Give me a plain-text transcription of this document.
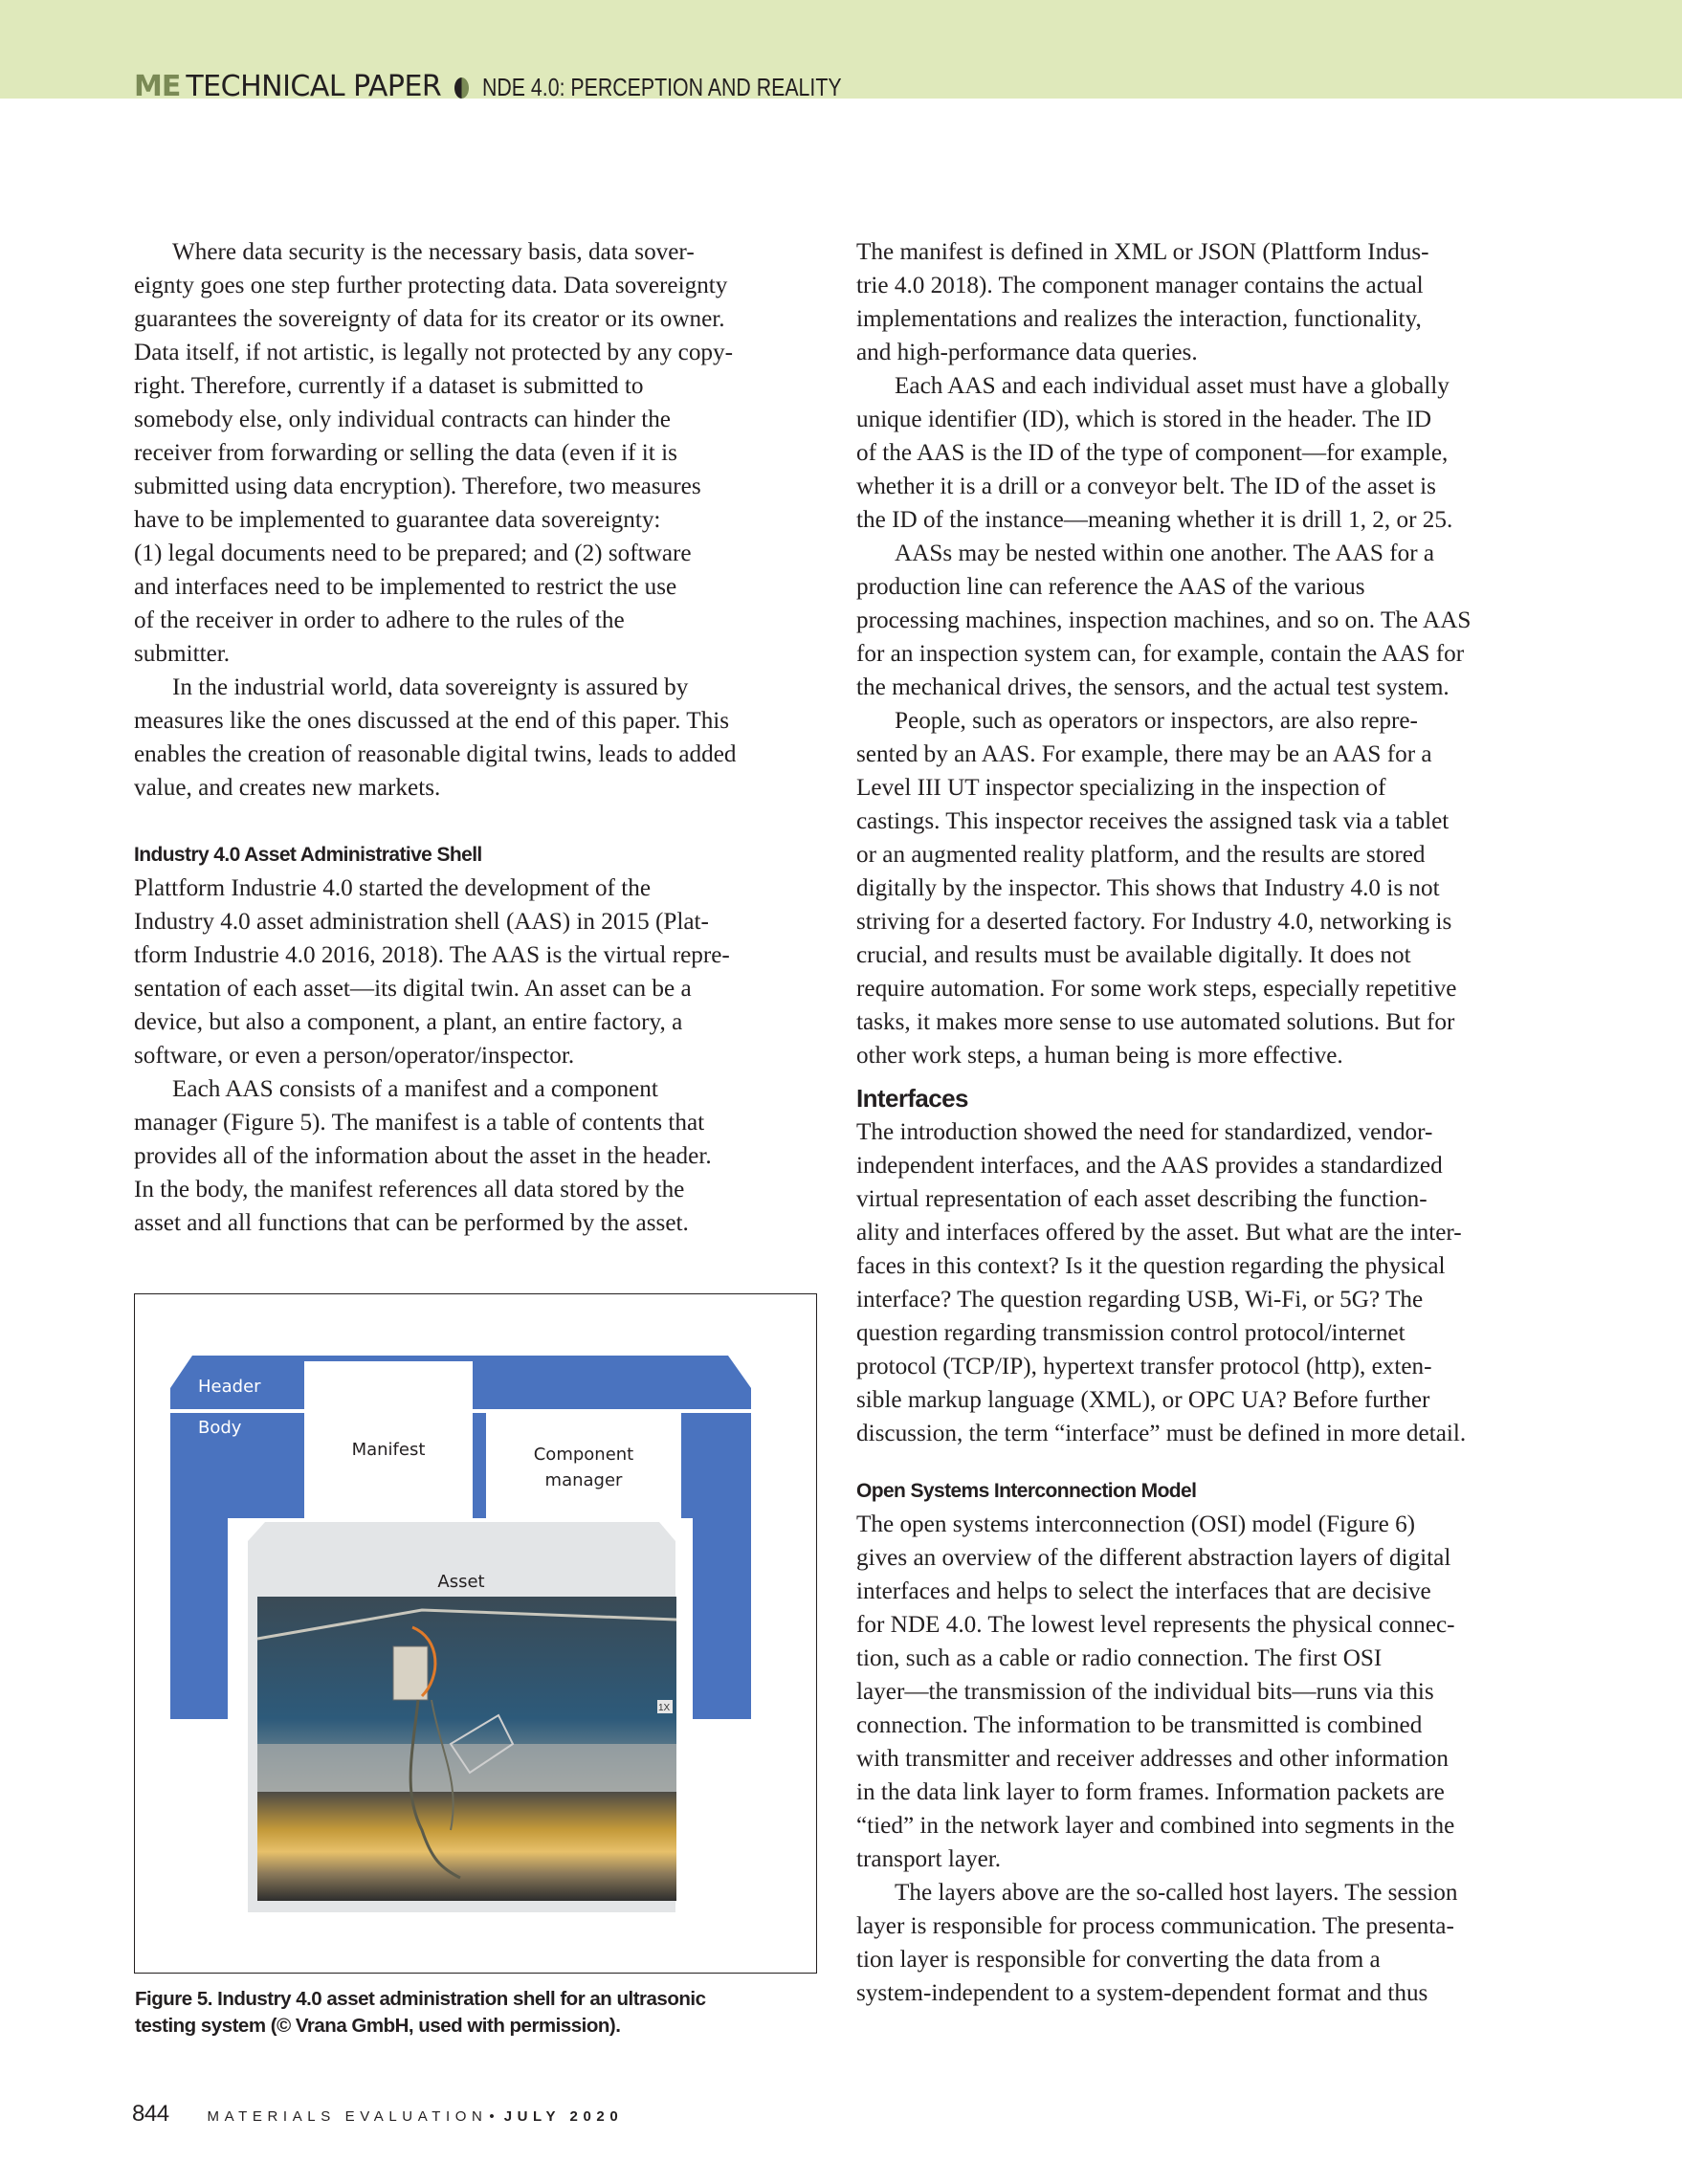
ME TECHNICAL PAPER NDE 4.0: PERCEPTION AND REALITY
Where data security is the necessary basis, data sover-
eignty goes one step further protecting data. Data sovereignty
guarantees the sovereignty of data for its creator or its owner.
Data itself, if not artistic, is legally not protected by any copy-
right. Therefore, currently if a dataset is submitted to
somebody else, only individual contracts can hinder the
receiver from forwarding or selling the data (even if it is
submitted using data encryption). Therefore, two measures
have to be implemented to guarantee data sovereignty:
(1) legal documents need to be prepared; and (2) software
and interfaces need to be implemented to restrict the use
of the receiver in order to adhere to the rules of the
submitter.
In the industrial world, data sovereignty is assured by
measures like the ones discussed at the end of this paper. This
enables the creation of reasonable digital twins, leads to added
value, and creates new markets.
Industry 4.0 Asset Administrative Shell
Plattform Industrie 4.0 started the development of the
Industry 4.0 asset administration shell (AAS) in 2015 (Plat-
tform Industrie 4.0 2016, 2018). The AAS is the virtual repre-
sentation of each asset—its digital twin. An asset can be a
device, but also a component, a plant, an entire factory, a
software, or even a person/operator/inspector.
Each AAS consists of a manifest and a component
manager (Figure 5). The manifest is a table of contents that
provides all of the information about the asset in the header.
In the body, the manifest references all data stored by the
asset and all functions that can be performed by the asset.
1X
Header
Body
Manifest	Component
manager
Asset
Figure 5. Industry 4.0 asset administration shell for an ultrasonic
testing system (© Vrana GmbH, used with permission).
The manifest is defined in XML or JSON (Plattform Indus-
trie 4.0 2018). The component manager contains the actual
implementations and realizes the interaction, functionality,
and high-performance data queries.
Each AAS and each individual asset must have a globally
unique identifier (ID), which is stored in the header. The ID
of the AAS is the ID of the type of component—for example,
whether it is a drill or a conveyor belt. The ID of the asset is
the ID of the instance—meaning whether it is drill 1, 2, or 25.
AASs may be nested within one another. The AAS for a
production line can reference the AAS of the various
processing machines, inspection machines, and so on. The AAS
for an inspection system can, for example, contain the AAS for
the mechanical drives, the sensors, and the actual test system.
People, such as operators or inspectors, are also repre-
sented by an AAS. For example, there may be an AAS for a
Level III UT inspector specializing in the inspection of
castings. This inspector receives the assigned task via a tablet
or an augmented reality platform, and the results are stored
digitally by the inspector. This shows that Industry 4.0 is not
striving for a deserted factory. For Industry 4.0, networking is
crucial, and results must be available digitally. It does not
require automation. For some work steps, especially repetitive
tasks, it makes more sense to use automated solutions. But for
other work steps, a human being is more effective.
Interfaces
The introduction showed the need for standardized, vendor-
independent interfaces, and the AAS provides a standardized
virtual representation of each asset describing the function-
ality and interfaces offered by the asset. But what are the inter-
faces in this context? Is it the question regarding the physical
interface? The question regarding USB, Wi-Fi, or 5G? The
question regarding transmission control protocol/internet
protocol (TCP/IP), hypertext transfer protocol (http), exten-
sible markup language (XML), or OPC UA? Before further
discussion, the term “interface” must be defined in more detail.
Open Systems Interconnection Model
The open systems interconnection (OSI) model (Figure 6)
gives an overview of the different abstraction layers of digital
interfaces and helps to select the interfaces that are decisive
for NDE 4.0. The lowest level represents the physical connec-
tion, such as a cable or radio connection. The first OSI
layer—the transmission of the individual bits—runs via this
connection. The information to be transmitted is combined
with transmitter and receiver addresses and other information
in the data link layer to form frames. Information packets are
“tied” in the network layer and combined into segments in the
transport layer.
The layers above are the so-called host layers. The session
layer is responsible for process communication. The presenta-
tion layer is responsible for converting the data from a
system-independent to a system-dependent format and thus
844	MATERIALS EVALUATION • JULY 2020
